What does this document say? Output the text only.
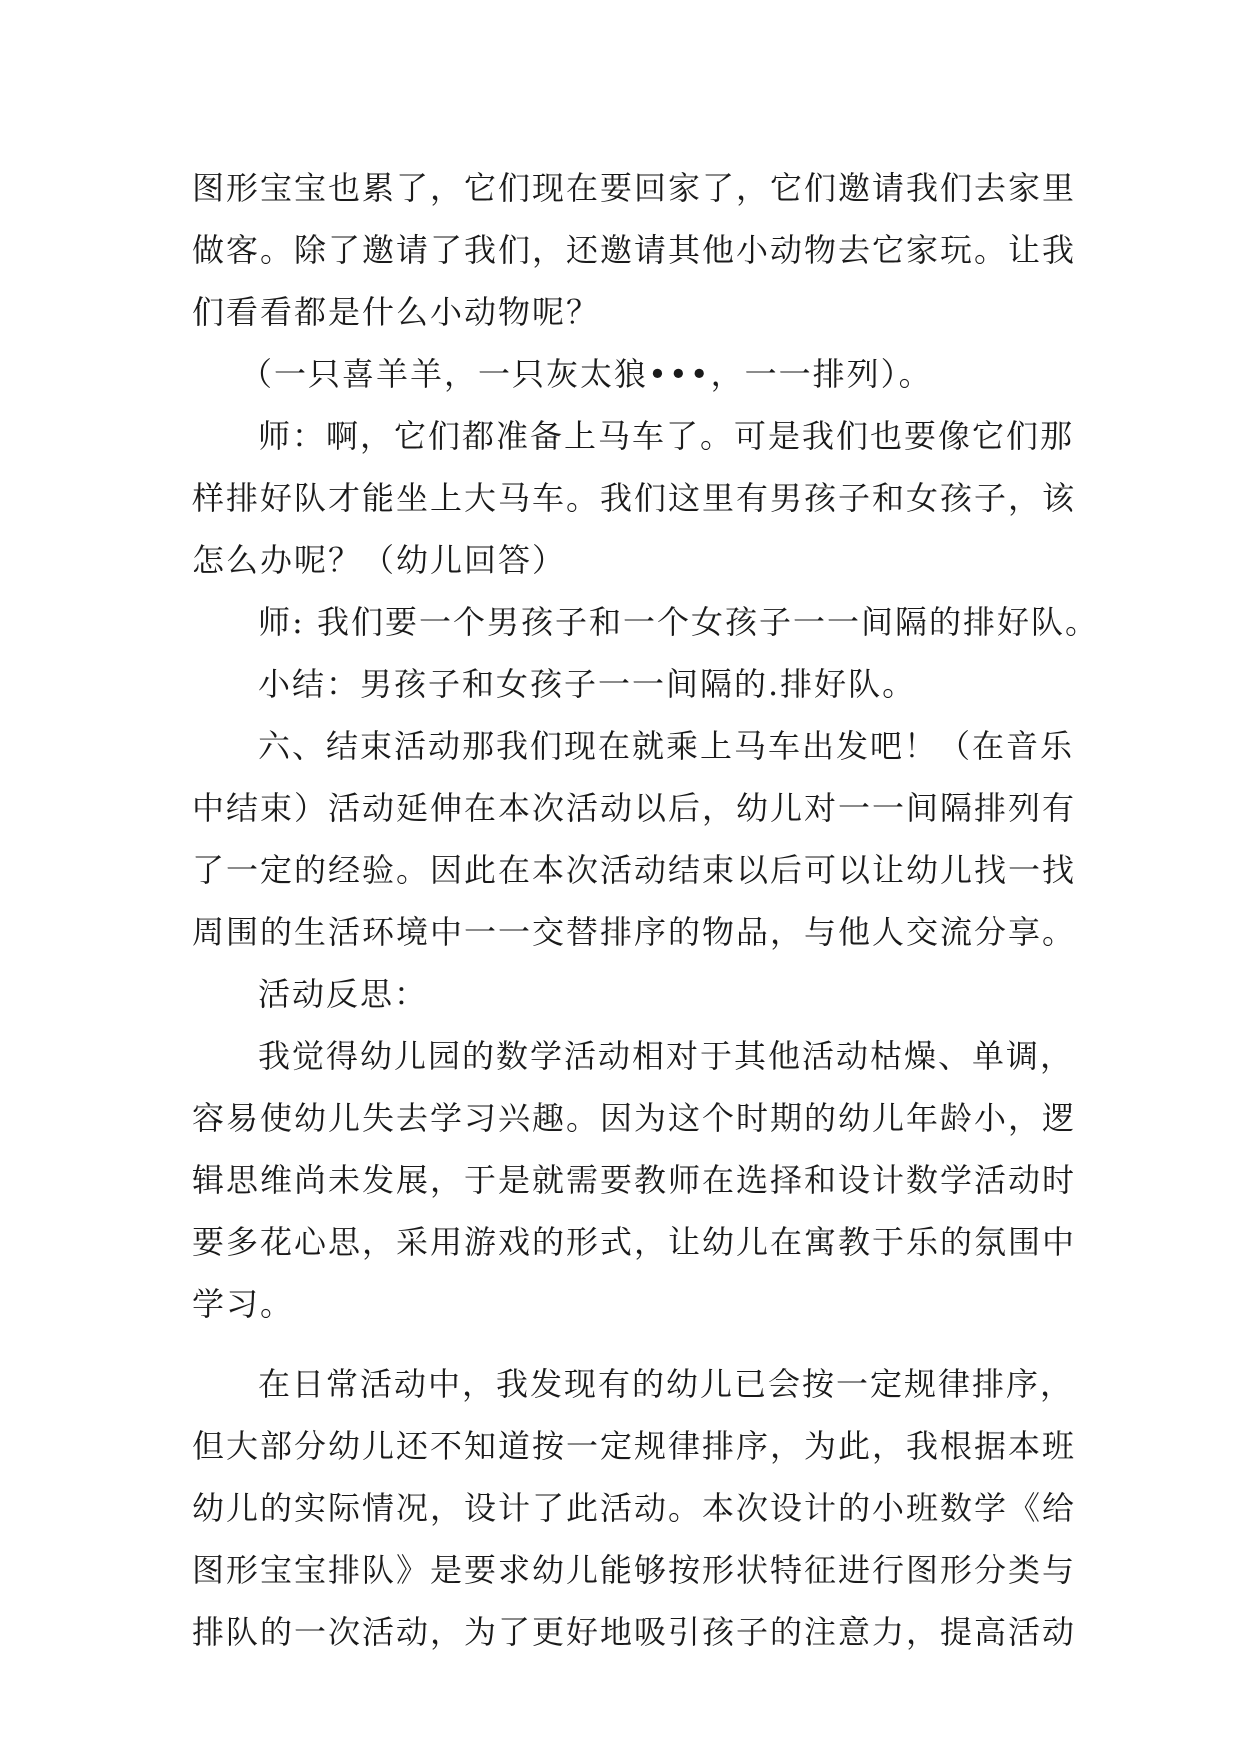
图形宝宝也累了，它们现在要回家了，它们邀请我们去家里
做客。除了邀请了我们，还邀请其他小动物去它家玩。让我
们看看都是什么小动物呢？
（一只喜羊羊，一只灰太狼•••，一一排列）。
师：啊，它们都准备上马车了。可是我们也要像它们那
样排好队才能坐上大马车。我们这里有男孩子和女孩子，该
怎么办呢？（幼儿回答）
师: 我们要一个男孩子和一个女孩子一一间隔的排好队。
小结：男孩子和女孩子一一间隔的.排好队。
六、结束活动那我们现在就乘上马车出发吧！（在音乐
中结束）活动延伸在本次活动以后，幼儿对一一间隔排列有
了一定的经验。因此在本次活动结束以后可以让幼儿找一找
周围的生活环境中一一交替排序的物品，与他人交流分享。
活动反思：
我觉得幼儿园的数学活动相对于其他活动枯燥、单调，
容易使幼儿失去学习兴趣。因为这个时期的幼儿年龄小，逻
辑思维尚未发展，于是就需要教师在选择和设计数学活动时
要多花心思，采用游戏的形式，让幼儿在寓教于乐的氛围中
学习。
在日常活动中，我发现有的幼儿已会按一定规律排序，
但大部分幼儿还不知道按一定规律排序，为此，我根据本班
幼儿的实际情况，设计了此活动。本次设计的小班数学《给
图形宝宝排队》是要求幼儿能够按形状特征进行图形分类与
排队的一次活动，为了更好地吸引孩子的注意力，提高活动
